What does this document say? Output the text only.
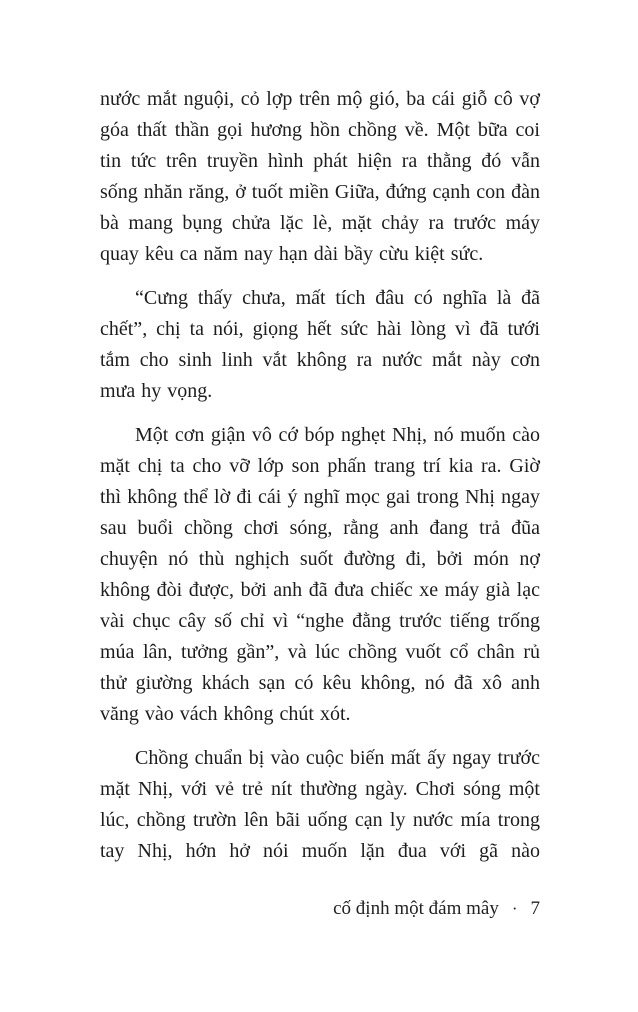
nước mắt nguội, cỏ lợp trên mộ gió, ba cái giỗ cô vợ góa thất thần gọi hương hồn chồng về. Một bữa coi tin tức trên truyền hình phát hiện ra thằng đó vẫn sống nhăn răng, ở tuốt miền Giữa, đứng cạnh con đàn bà mang bụng chửa lặc lè, mặt chảy ra trước máy quay kêu ca năm nay hạn dài bầy cừu kiệt sức.

“Cưng thấy chưa, mất tích đâu có nghĩa là đã chết”, chị ta nói, giọng hết sức hài lòng vì đã tưới tắm cho sinh linh vắt không ra nước mắt này cơn mưa hy vọng.

Một cơn giận vô cớ bóp nghẹt Nhị, nó muốn cào mặt chị ta cho vỡ lớp son phấn trang trí kia ra. Giờ thì không thể lờ đi cái ý nghĩ mọc gai trong Nhị ngay sau buổi chồng chơi sóng, rằng anh đang trả đũa chuyện nó thù nghịch suốt đường đi, bởi món nợ không đòi được, bởi anh đã đưa chiếc xe máy già lạc vài chục cây số chỉ vì “nghe đằng trước tiếng trống múa lân, tưởng gần”, và lúc chồng vuốt cổ chân rủ thử giường khách sạn có kêu không, nó đã xô anh văng vào vách không chút xót.

Chồng chuẩn bị vào cuộc biến mất ấy ngay trước mặt Nhị, với vẻ trẻ nít thường ngày. Chơi sóng một lúc, chồng trườn lên bãi uống cạn ly nước mía trong tay Nhị, hớn hở nói muốn lặn đua với gã nào

cố định một đám mây · 7
